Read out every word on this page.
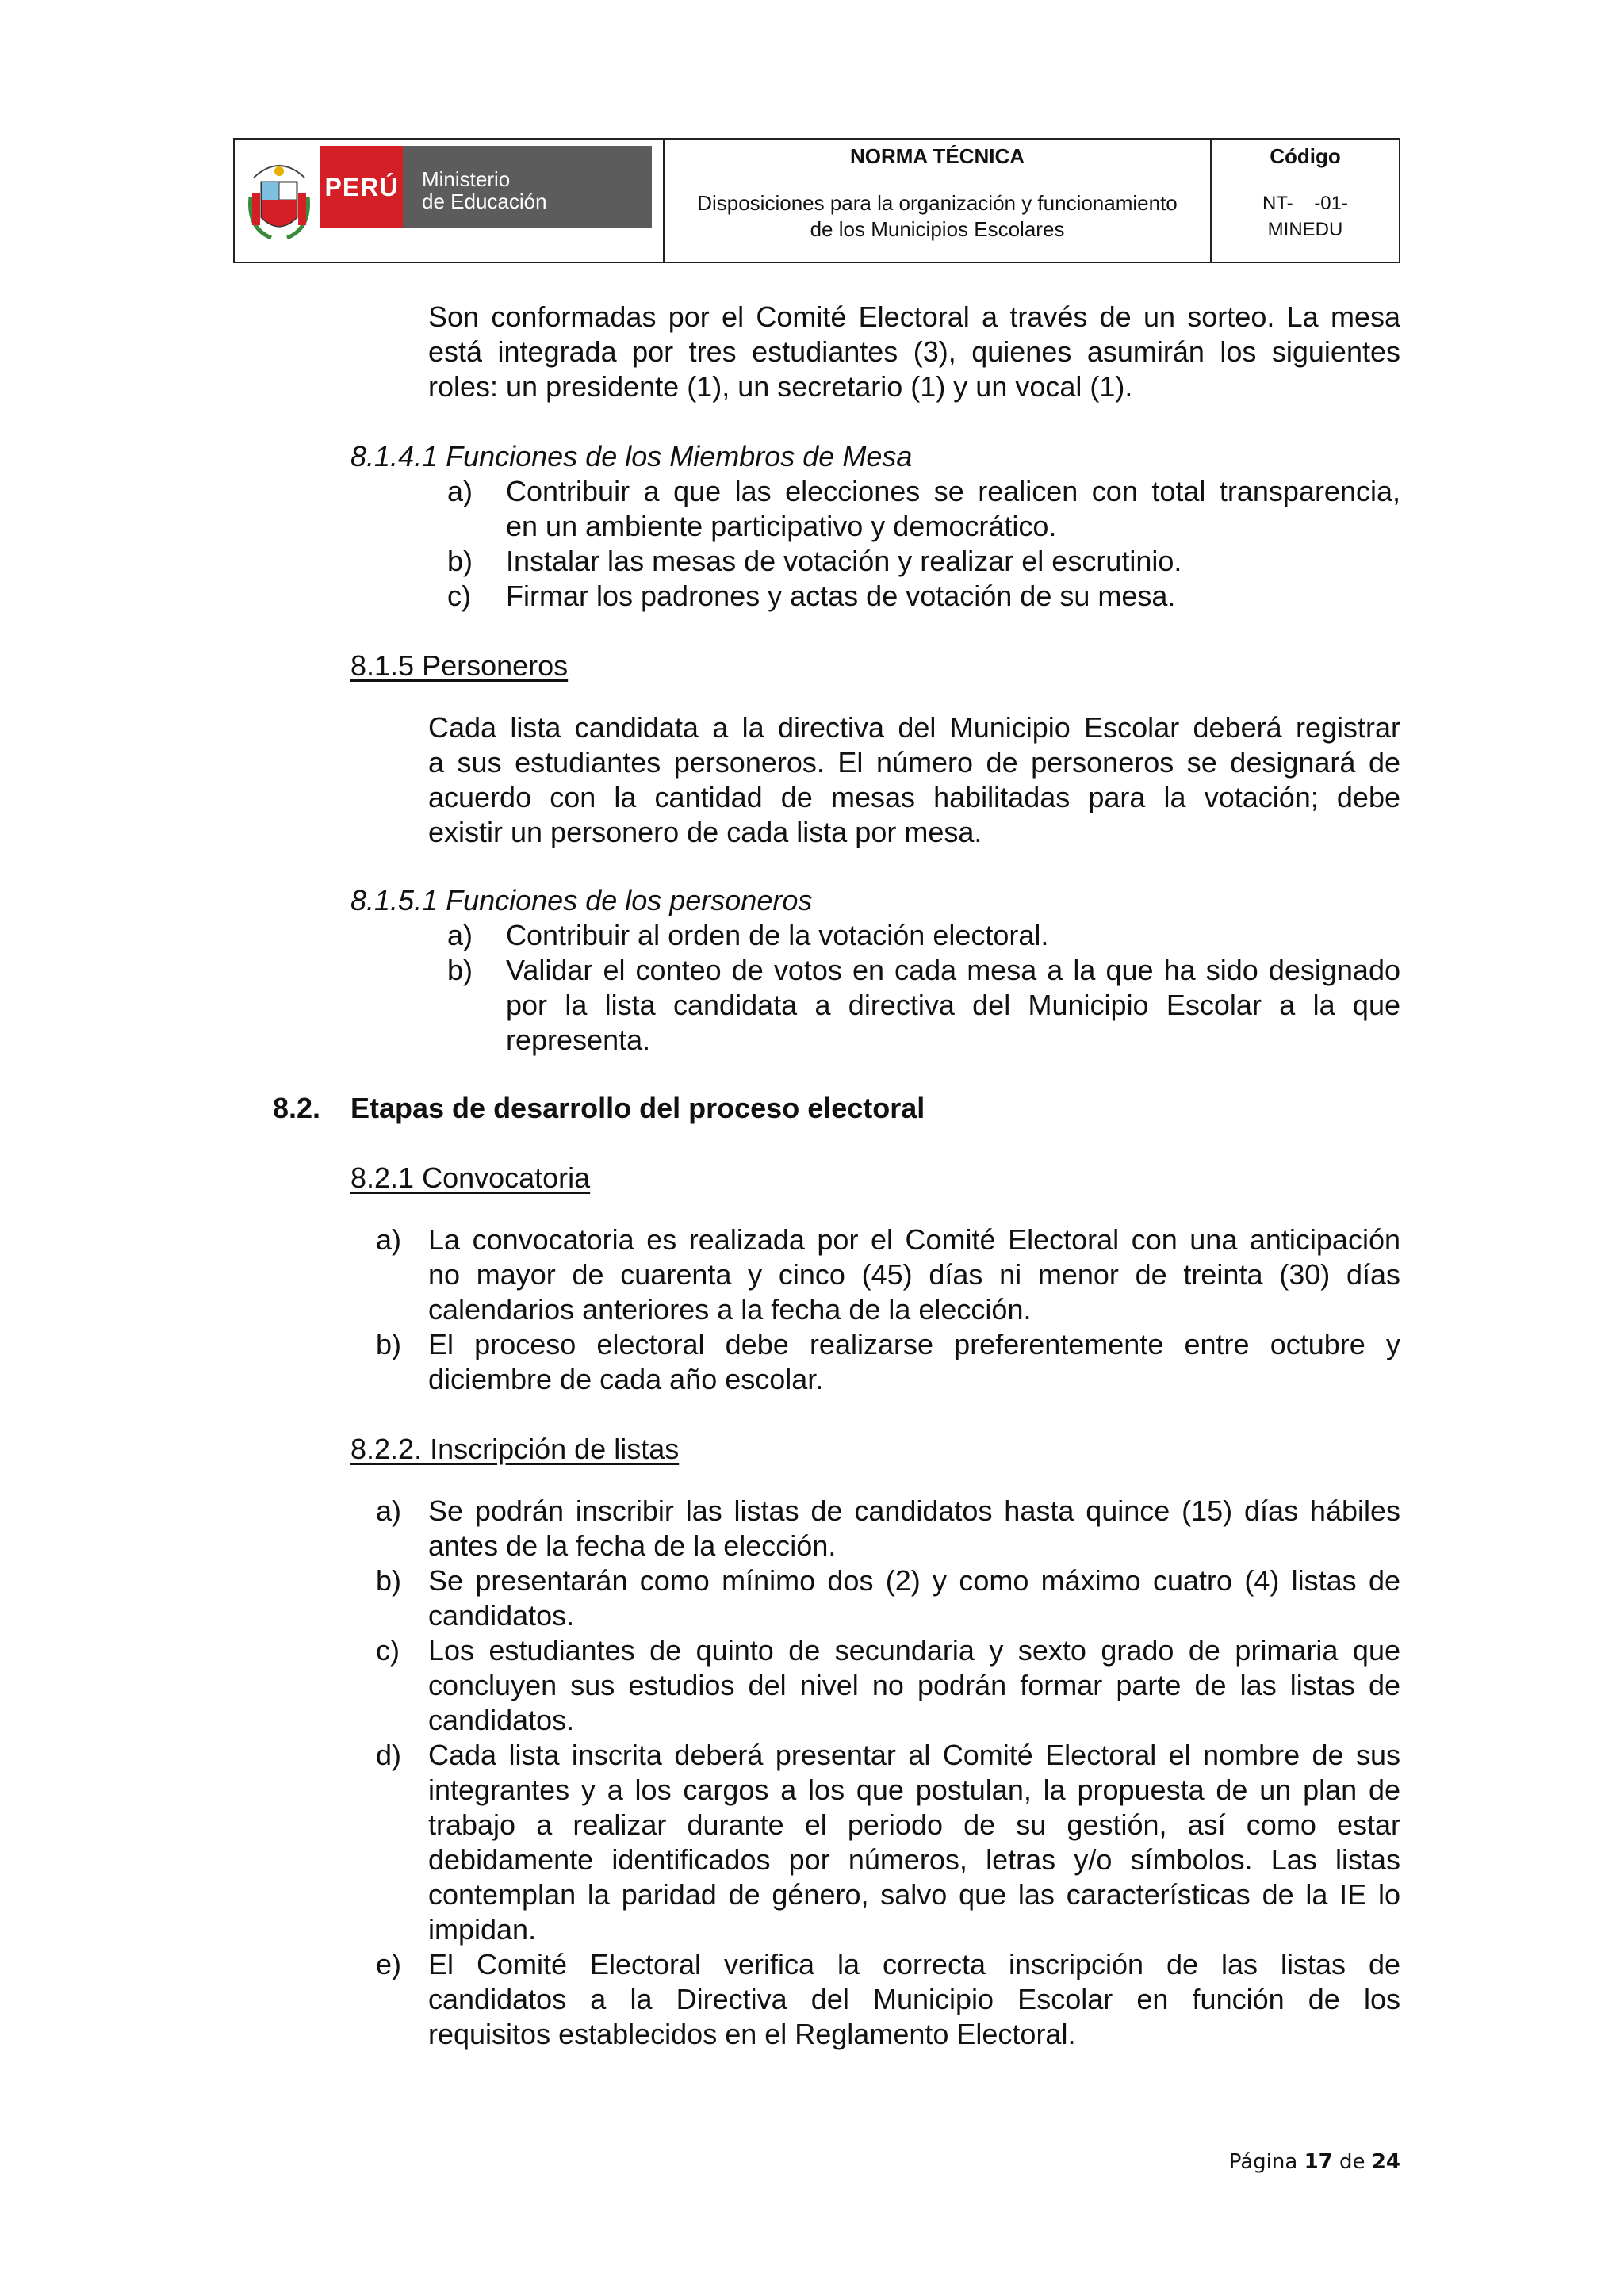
PERÚ Ministerio
de Educación
NORMA TÉCNICA
Disposiciones para la organización y funcionamiento
de los Municipios Escolares
Código
NT-    -01-
MINEDU
Son conformadas por el Comité Electoral a través de un sorteo. La mesa
está integrada por tres estudiantes (3), quienes asumirán los siguientes
roles: un presidente (1), un secretario (1) y un vocal (1).
8.1.4.1 Funciones de los Miembros de Mesa
a) Contribuir a que las elecciones se realicen con total transparencia,
en un ambiente participativo y democrático.
b) Instalar las mesas de votación y realizar el escrutinio.
c) Firmar los padrones y actas de votación de su mesa.
8.1.5 Personeros
Cada lista candidata a la directiva del Municipio Escolar deberá registrar
a sus estudiantes personeros. El número de personeros se designará de
acuerdo con la cantidad de mesas habilitadas para la votación; debe
existir un personero de cada lista por mesa.
8.1.5.1 Funciones de los personeros
a) Contribuir al orden de la votación electoral.
b) Validar el conteo de votos en cada mesa a la que ha sido designado
por la lista candidata a directiva del Municipio Escolar a la que
representa.
8.2. Etapas de desarrollo del proceso electoral
8.2.1 Convocatoria
a) La convocatoria es realizada por el Comité Electoral con una anticipación
no mayor de cuarenta y cinco (45) días ni menor de treinta (30) días
calendarios anteriores a la fecha de la elección.
b) El proceso electoral debe realizarse preferentemente entre octubre y
diciembre de cada año escolar.
8.2.2. Inscripción de listas
a) Se podrán inscribir las listas de candidatos hasta quince (15) días hábiles
antes de la fecha de la elección.
b) Se presentarán como mínimo dos (2) y como máximo cuatro (4) listas de
candidatos.
c) Los estudiantes de quinto de secundaria y sexto grado de primaria que
concluyen sus estudios del nivel no podrán formar parte de las listas de
candidatos.
d) Cada lista inscrita deberá presentar al Comité Electoral el nombre de sus
integrantes y a los cargos a los que postulan, la propuesta de un plan de
trabajo a realizar durante el periodo de su gestión, así como estar
debidamente identificados por números, letras y/o símbolos. Las listas
contemplan la paridad de género, salvo que las características de la IE lo
impidan.
e) El Comité Electoral verifica la correcta inscripción de las listas de
candidatos a la Directiva del Municipio Escolar en función de los
requisitos establecidos en el Reglamento Electoral.
Página 17 de 24
